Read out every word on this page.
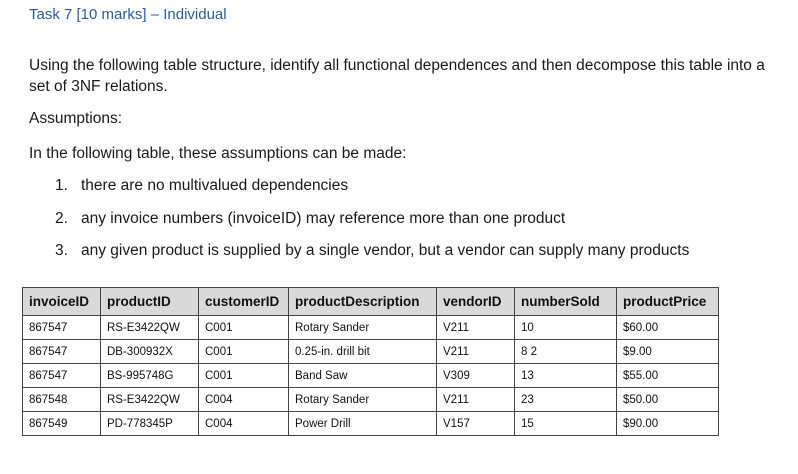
Task 7 [10 marks] – Individual
Using the following table structure, identify all functional dependences and then decompose this table into a set of 3NF relations.
Assumptions:
In the following table, these assumptions can be made:
1. there are no multivalued dependencies
2. any invoice numbers (invoiceID) may reference more than one product
3. any given product is supplied by a single vendor, but a vendor can supply many products
invoiceID	productID	customerID	productDescription	vendorID	numberSold	productPrice
867547	RS-E3422QW	C001	Rotary Sander	V211	10	$60.00
867547	DB-300932X	C001	0.25-in. drill bit	V211	8 2	$9.00
867547	BS-995748G	C001	Band Saw	V309	13	$55.00
867548	RS-E3422QW	C004	Rotary Sander	V211	23	$50.00
867549	PD-778345P	C004	Power Drill	V157	15	$90.00
